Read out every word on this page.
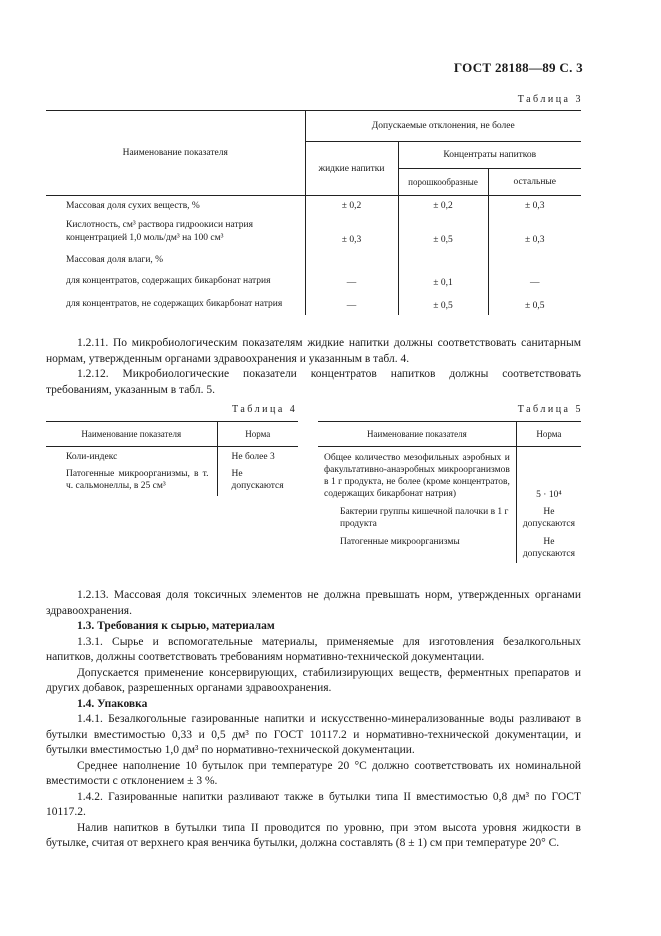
ГОСТ 28188—89 С. 3
Таблица 3
Наименование показателя	Допускаемые отклонения, не более		
	жидкие напитки	Концентраты напитков	
		порошкообразные	остальные
Массовая доля сухих веществ, %	± 0,2	± 0,2	± 0,3
Кислотность, см³ раствора гидроокиси натрия концентрацией 1,0 моль/дм³ на 100 см³	± 0,3	± 0,5	± 0,3
Массовая доля влаги, %			
для концентратов, содержащих бикарбонат натрия	—	± 0,1	—
для концентратов, не содержащих бикарбонат натрия	—	± 0,5	± 0,5

1.2.11. По микробиологическим показателям жидкие напитки должны соответствовать санитарным нормам, утвержденным органами здравоохранения и указанным в табл. 4.

1.2.12. Микробиологические показатели концентратов напитков должны соответствовать требованиям, указанным в табл. 5.

Таблица 4
Наименование показателя	Норма
Коли-индекс	Не более 3
Патогенные микроорганизмы, в т. ч. сальмонеллы, в 25 см³	Не допускаются
Таблица 5
Наименование показателя	Норма
Общее количество мезофильных аэробных и факультативно-анаэробных микроорганизмов в 1 г продукта, не более (кроме концентратов, содержащих бикарбонат натрия)	5 · 10⁴
Бактерии группы кишечной палочки в 1 г продукта	Не допускаются
Патогенные микроорганизмы	Не допускаются

1.2.13. Массовая доля токсичных элементов не должна превышать норм, утвержденных органами здравоохранения.

1.3. Требования к сырью, материалам

1.3.1. Сырье и вспомогательные материалы, применяемые для изготовления безалкогольных напитков, должны соответствовать требованиям нормативно-технической документации.

Допускается применение консервирующих, стабилизирующих веществ, ферментных препаратов и других добавок, разрешенных органами здравоохранения.

1.4. Упаковка

1.4.1. Безалкогольные газированные напитки и искусственно-минерализованные воды разливают в бутылки вместимостью 0,33 и 0,5 дм³ по ГОСТ 10117.2 и нормативно-технической документации, и бутылки вместимостью 1,0 дм³ по нормативно-технической документации.

Среднее наполнение 10 бутылок при температуре 20 °С должно соответствовать их номинальной вместимости с отклонением ± 3 %.

1.4.2. Газированные напитки разливают также в бутылки типа II вместимостью 0,8 дм³ по ГОСТ 10117.2.

Налив напитков в бутылки типа II проводится по уровню, при этом высота уровня жидкости в бутылке, считая от верхнего края венчика бутылки, должна составлять (8 ± 1) см при температуре 20° С.
